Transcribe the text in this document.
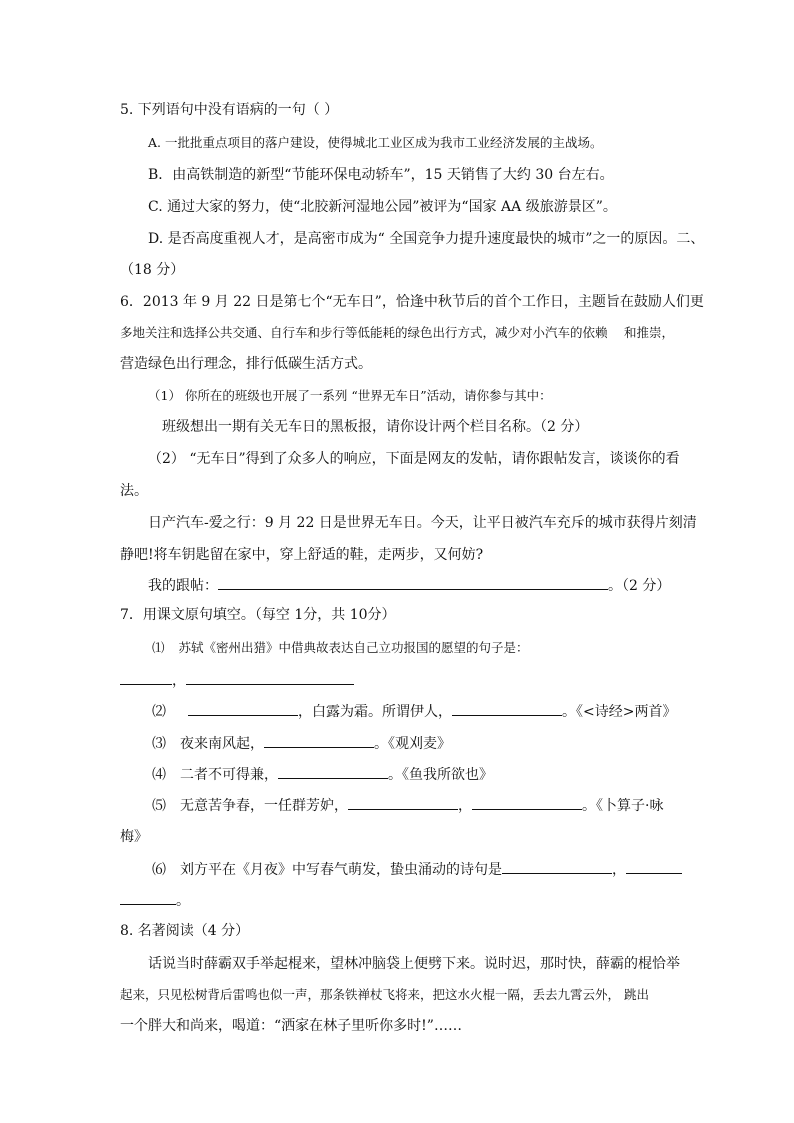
5. 下列语句中没有语病的一句（ ）
A. 一批批重点项目的落户建设，使得城北工业区成为我市工业经济发展的主战场。
B．由高铁制造的新型“节能环保电动轿车”，15 天销售了大约 30 台左右。
C. 通过大家的努力，使“北胶新河湿地公园”被评为“国家 AA 级旅游景区”。
D. 是否高度重视人才，是高密市成为“ 全国竞争力提升速度最快的城市”之一的原因。二、
（18 分）
6．2013 年 9 月 22 日是第七个“无车日”，恰逢中秋节后的首个工作日，主题旨在鼓励人们更
多地关注和选择公共交通、自行车和步行等低能耗的绿色出行方式，减少对小汽车的依赖　 和推崇，
营造绿色出行理念，排行低碳生活方式。
（1） 你所在的班级也开展了一系列 “世界无车日”活动，请你参与其中：
班级想出一期有关无车日的黑板报，请你设计两个栏目名称。（2 分）
（2） “无车日”得到了众多人的响应，下面是网友的发帖，请你跟帖发言，谈谈你的看
法。
日产汽车-爱之行：9 月 22 日是世界无车日。今天，让平日被汽车充斥的城市获得片刻清
静吧!将车钥匙留在家中，穿上舒适的鞋，走两步，又何妨?
我的跟帖：	。（2 分）
7．用课文原句填空。（每空 1分，共 10分）
⑴ 苏轼《密州出猎》中借典故表达自己立功报国的愿望的句子是：
，
⑵	，白露为霜。所谓伊人，	。《<诗经>两首》
⑶ 夜来南风起，	。《观刈麦》
⑷ 二者不可得兼，	。《鱼我所欲也》
⑸ 无意苦争春，一任群芳妒，	，	。《卜算子·咏
梅》
⑹ 刘方平在《月夜》中写春气萌发，蛰虫涌动的诗句是	，
。
8. 名著阅读（4 分）
话说当时薛霸双手举起棍来，望林冲脑袋上便劈下来。说时迟，那时快，薛霸的棍恰举
起来，只见松树背后雷鸣也似一声，那条铁禅杖飞将来，把这水火棍一隔，丢去九霄云外， 跳出
一个胖大和尚来，喝道：“洒家在林子里听你多时!”……
